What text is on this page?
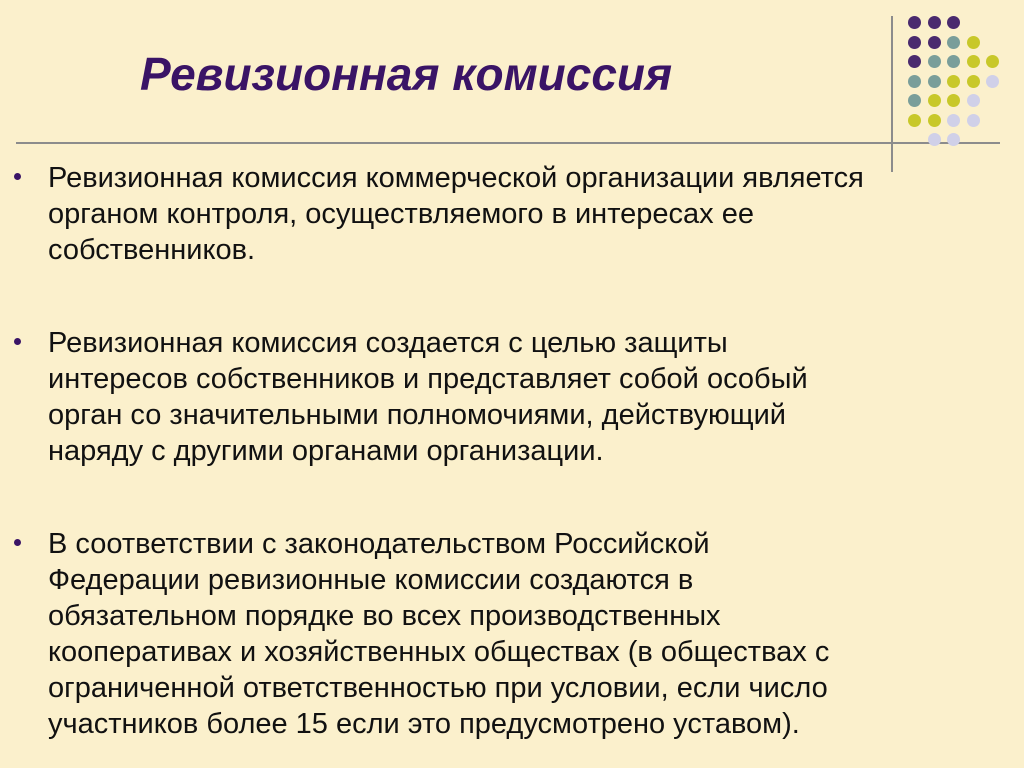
Ревизионная комиссия
Ревизионная комиссия коммерческой организации является
органом контроля, осуществляемого в интересах ее
собственников.
Ревизионная комиссия создается с целью защиты
интересов собственников и представляет собой особый
орган со значительными полномочиями, действующий
наряду с другими органами организации.
В соответствии с законодательством Российской
Федерации ревизионные комиссии создаются в
обязательном порядке во всех производственных
кооперативах и хозяйственных обществах (в обществах с
ограниченной ответственностью при условии, если число
участников более 15 если это предусмотрено уставом).
